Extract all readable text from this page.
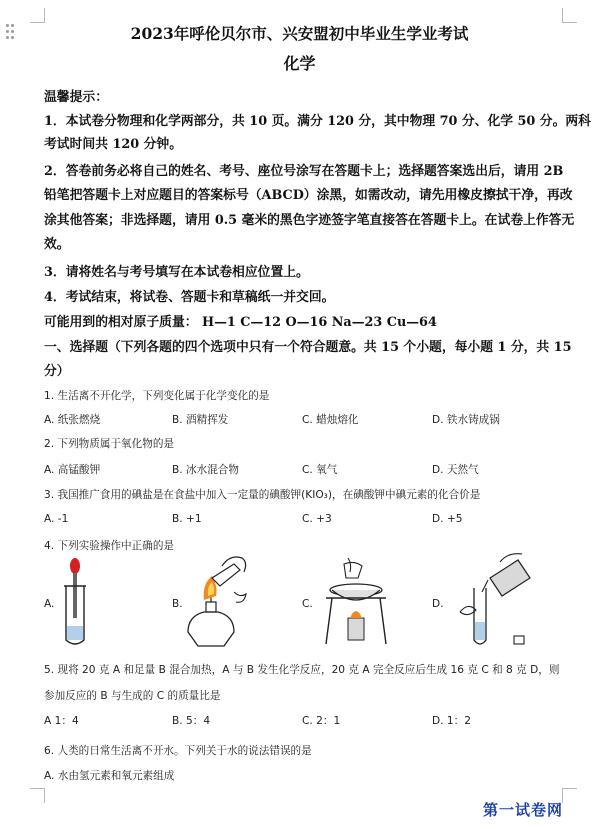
2023年呼伦贝尔市、兴安盟初中毕业生学业考试
化学
温馨提示：
1．本试卷分物理和化学两部分，共 10 页。满分 120 分，其中物理 70 分、化学 50 分。两科
考试时间共 120 分钟。
2．答卷前务必将自己的姓名、考号、座位号涂写在答题卡上；选择题答案选出后，请用 2B
铅笔把答题卡上对应题目的答案标号（ABCD）涂黑，如需改动，请先用橡皮擦拭干净，再改
涂其他答案；非选择题，请用 0.5 毫米的黑色字迹签字笔直接答在答题卡上。在试卷上作答无
效。
3．请将姓名与考号填写在本试卷相应位置上。
4．考试结束，将试卷、答题卡和草稿纸一并交回。
可能用到的相对原子质量： H—1 C—12 O—16 Na—23 Cu—64
一、选择题（下列各题的四个选项中只有一个符合题意。共 15 个小题，每小题 1 分，共 15
分）
1. 生活离不开化学，下列变化属于化学变化的是
A. 纸张燃烧	B. 酒精挥发	C. 蜡烛熔化	D. 铁水铸成锅
2. 下列物质属于氧化物的是
A. 高锰酸钾	B. 冰水混合物	C. 氧气	D. 天然气
3. 我国推广食用的碘盐是在食盐中加入一定量的碘酸钾(KIO₃)，在碘酸钾中碘元素的化合价是
A. -1	B. +1	C. +3	D. +5
4. 下列实验操作中正确的是
A.	B.	C.	D.
5. 现将 20 克 A 和足量 B 混合加热，A 与 B 发生化学反应，20 克 A 完全反应后生成 16 克 C 和 8 克 D，则
参加反应的 B 与生成的 C 的质量比是
A 1：4	B. 5：4	C. 2：1	D. 1：2
6. 人类的日常生活离不开水。下列关于水的说法错误的是
A. 水由氢元素和氧元素组成
第一试卷网
